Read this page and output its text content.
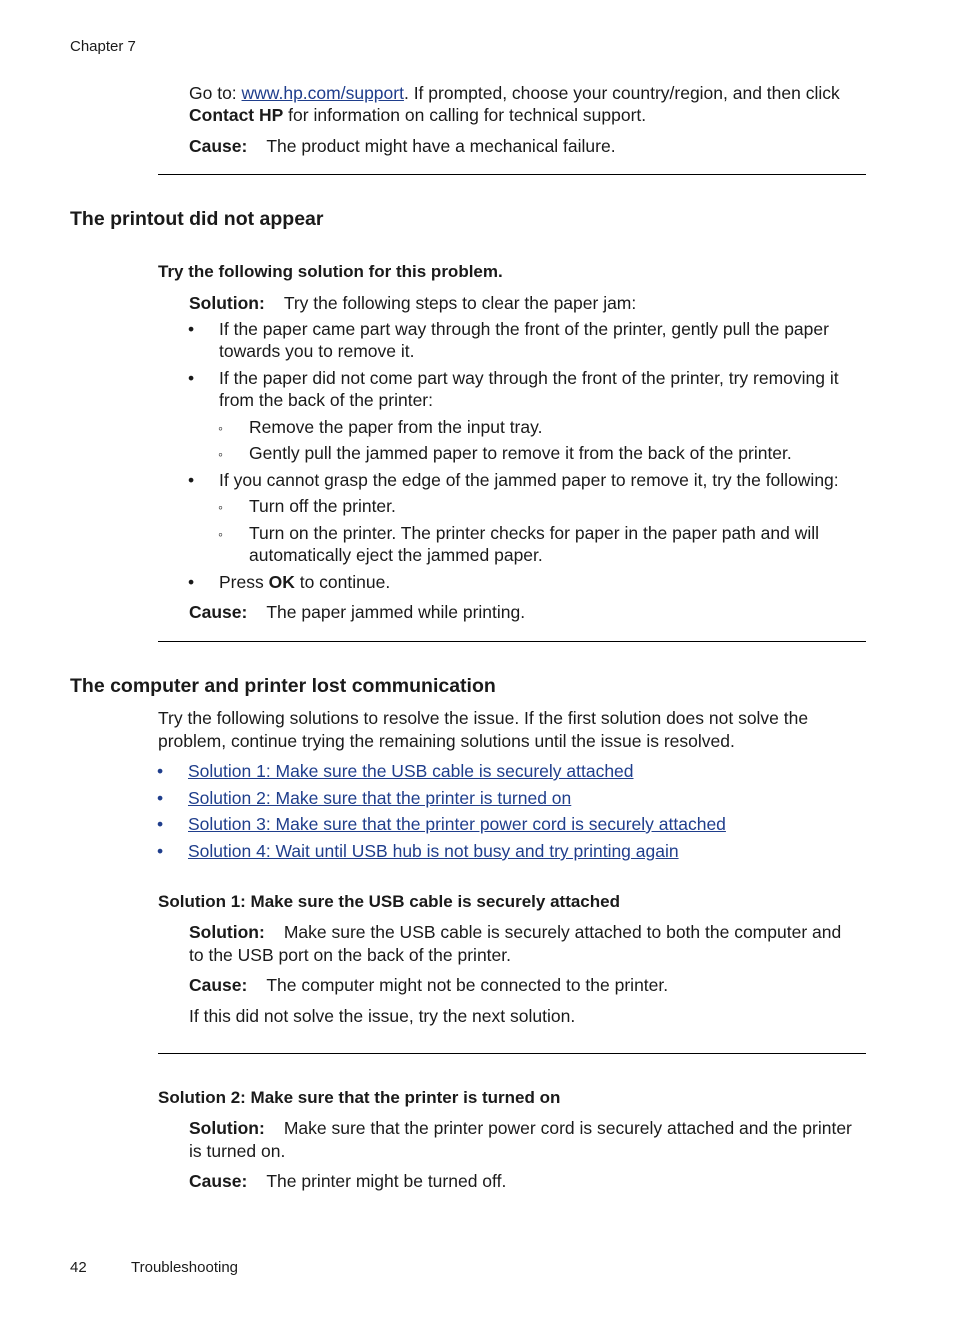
Chapter 7
Go to: www.hp.com/support. If prompted, choose your country/region, and then click
Contact HP for information on calling for technical support.
Cause: The product might have a mechanical failure.
The printout did not appear
Try the following solution for this problem.
Solution: Try the following steps to clear the paper jam:
• If the paper came part way through the front of the printer, gently pull the paper
towards you to remove it.
• If the paper did not come part way through the front of the printer, try removing it
from the back of the printer:
◦ Remove the paper from the input tray.
◦ Gently pull the jammed paper to remove it from the back of the printer.
• If you cannot grasp the edge of the jammed paper to remove it, try the following:
◦ Turn off the printer.
◦ Turn on the printer. The printer checks for paper in the paper path and will
automatically eject the jammed paper.
• Press OK to continue.
Cause: The paper jammed while printing.
The computer and printer lost communication
Try the following solutions to resolve the issue. If the first solution does not solve the
problem, continue trying the remaining solutions until the issue is resolved.
• Solution 1: Make sure the USB cable is securely attached
• Solution 2: Make sure that the printer is turned on
• Solution 3: Make sure that the printer power cord is securely attached
• Solution 4: Wait until USB hub is not busy and try printing again
Solution 1: Make sure the USB cable is securely attached
Solution: Make sure the USB cable is securely attached to both the computer and
to the USB port on the back of the printer.
Cause: The computer might not be connected to the printer.
If this did not solve the issue, try the next solution.
Solution 2: Make sure that the printer is turned on
Solution: Make sure that the printer power cord is securely attached and the printer
is turned on.
Cause: The printer might be turned off.
42	Troubleshooting
